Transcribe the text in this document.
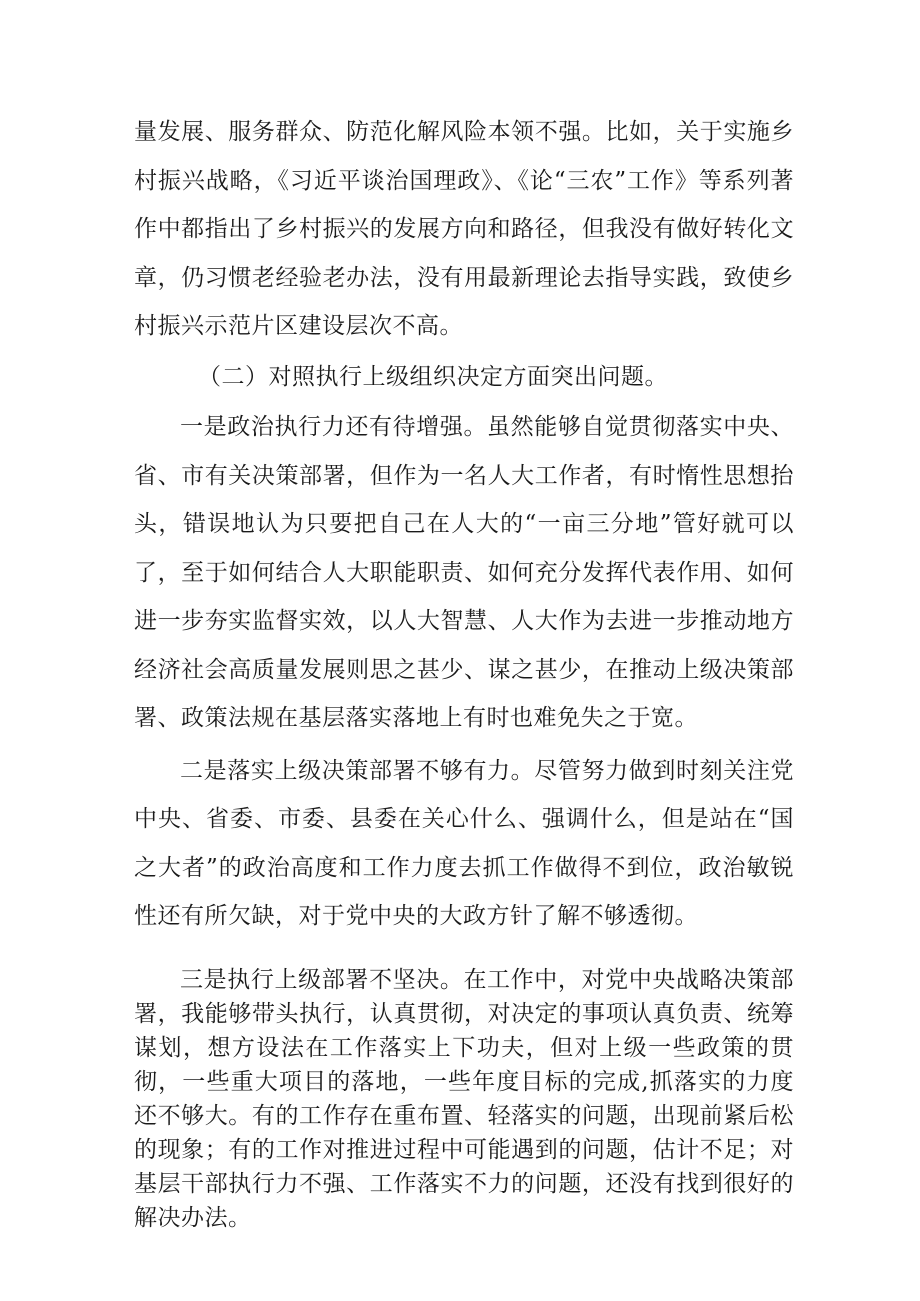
量发展、服务群众、防范化解风险本领不强。比如，关于实施乡村振兴战略，《习近平谈治国理政》、《论“三农”工作》等系列著作中都指出了乡村振兴的发展方向和路径，但我没有做好转化文章，仍习惯老经验老办法，没有用最新理论去指导实践，致使乡村振兴示范片区建设层次不高。

（二）对照执行上级组织决定方面突出问题。

一是政治执行力还有待增强。虽然能够自觉贯彻落实中央、省、市有关决策部署，但作为一名人大工作者，有时惰性思想抬头，错误地认为只要把自己在人大的“一亩三分地”管好就可以了，至于如何结合人大职能职责、如何充分发挥代表作用、如何进一步夯实监督实效，以人大智慧、人大作为去进一步推动地方经济社会高质量发展则思之甚少、谋之甚少，在推动上级决策部署、政策法规在基层落实落地上有时也难免失之于宽。

二是落实上级决策部署不够有力。尽管努力做到时刻关注党中央、省委、市委、县委在关心什么、强调什么，但是站在“国之大者”的政治高度和工作力度去抓工作做得不到位，政治敏锐性还有所欠缺，对于党中央的大政方针了解不够透彻。

三是执行上级部署不坚决。在工作中，对党中央战略决策部署，我能够带头执行，认真贯彻，对决定的事项认真负责、统筹谋划，想方设法在工作落实上下功夫，但对上级一些政策的贯彻，一些重大项目的落地，一些年度目标的完成,抓落实的力度还不够大。有的工作存在重布置、轻落实的问题，出现前紧后松的现象；有的工作对推进过程中可能遇到的问题，估计不足；对基层干部执行力不强、工作落实不力的问题，还没有找到很好的解决办法。
